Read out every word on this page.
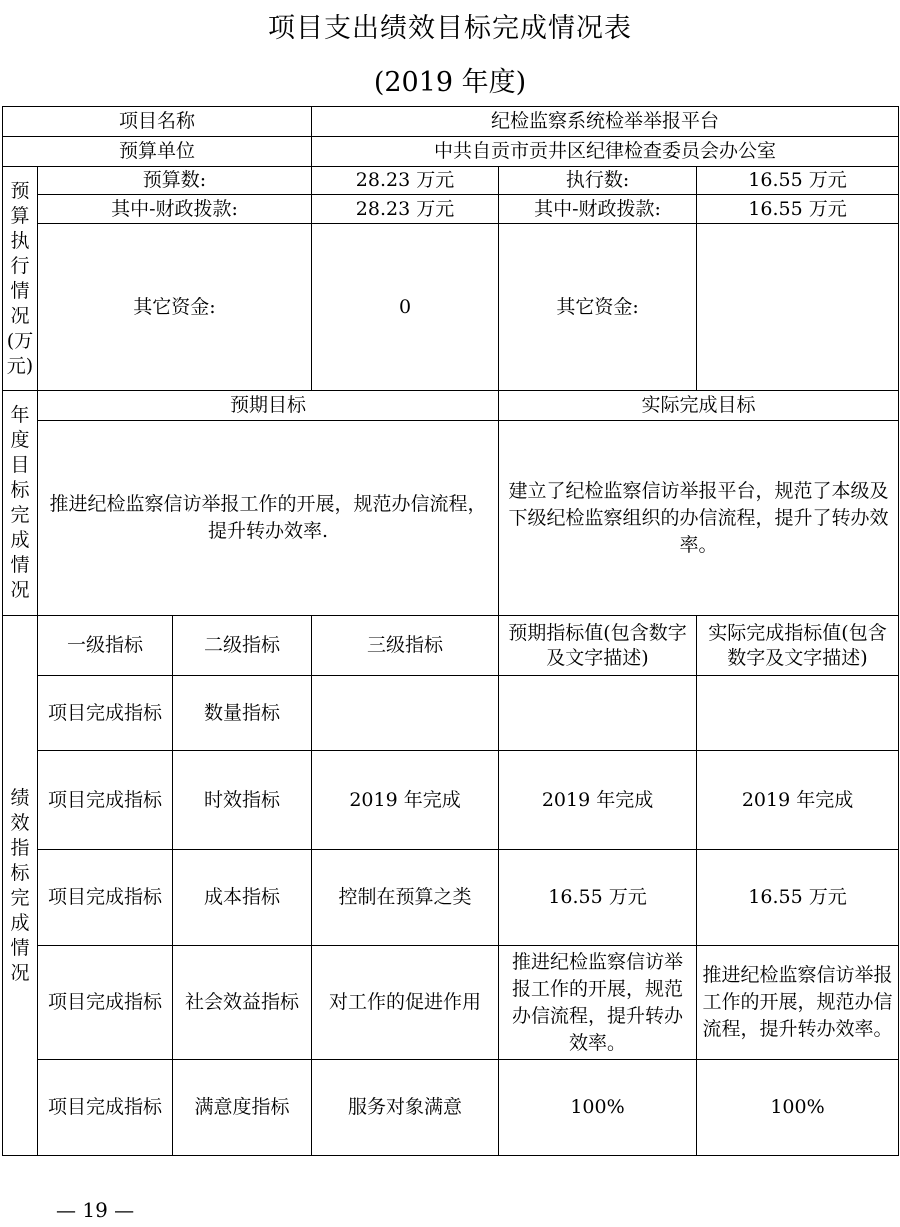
项目支出绩效目标完成情况表
(2019 年度)
项目名称			纪检监察系统检举举报平台		
预算单位			中共自贡市贡井区纪律检查委员会办公室		
预算执行情况(万元)	预算数:		28.23 万元	执行数:	16.55 万元
	其中-财政拨款:		28.23 万元	其中-财政拨款:	16.55 万元
	其它资金:		0	其它资金:	
年度目标完成情况	预期目标			实际完成目标	
	推进纪检监察信访举报工作的开展，规范办信流程，提升转办效率.			建立了纪检监察信访举报平台，规范了本级及下级纪检监察组织的办信流程，提升了转办效率。	
绩效指标完成情况	一级指标	二级指标	三级指标	预期指标值(包含数字及文字描述)	实际完成指标值(包含数字及文字描述)
	项目完成指标	数量指标			
	项目完成指标	时效指标	2019 年完成	2019 年完成	2019 年完成
	项目完成指标	成本指标	控制在预算之类	16.55 万元	16.55 万元
	项目完成指标	社会效益指标	对工作的促进作用	推进纪检监察信访举报工作的开展，规范办信流程，提升转办效率。	推进纪检监察信访举报工作的开展，规范办信流程，提升转办效率。
	项目完成指标	满意度指标	服务对象满意	100%	100%
— 19 —
